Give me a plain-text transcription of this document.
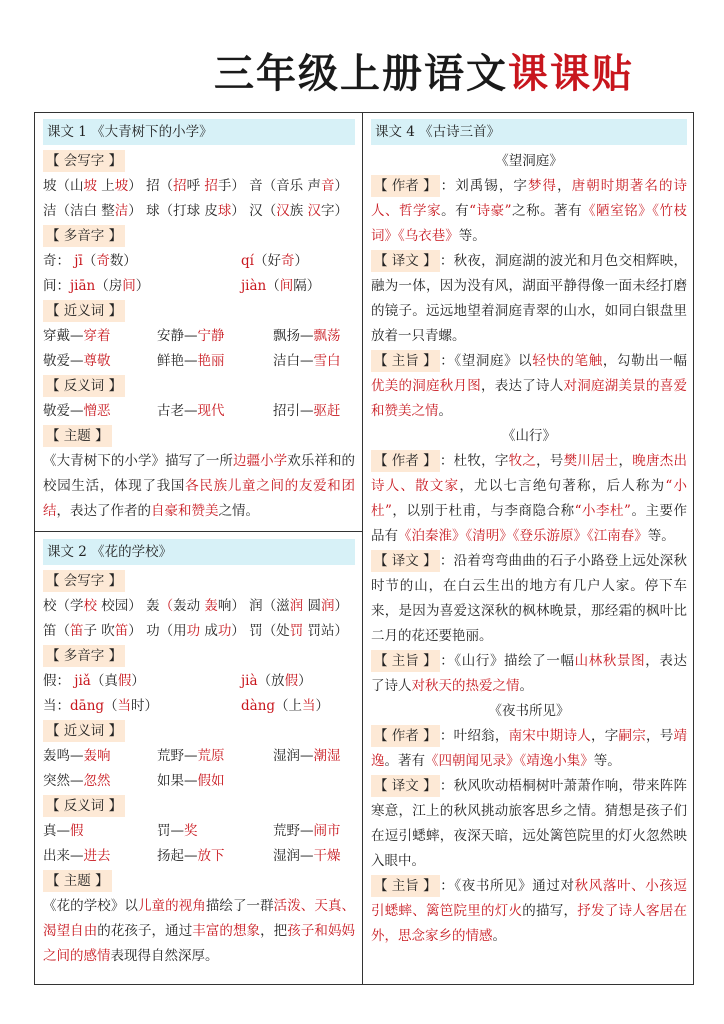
三年级上册语文课课贴
课文 1 《大青树下的小学》
【 会写字 】
坡（山坡 上坡） 招（招呼 招手） 音（音乐 声音）
洁（洁白 整洁） 球（打球 皮球） 汉（汉族 汉字）
【 多音字 】
奇： jī（奇数）	qí（好奇）
间：jiān（房间）	jiàn（间隔）
【 近义词 】
穿戴—穿着	安静—宁静	飘扬—飘荡
敬爱—尊敬	鲜艳—艳丽	洁白—雪白
【 反义词 】
敬爱—憎恶	古老—现代	招引—驱赶
【 主题 】
《大青树下的小学》描写了一所边疆小学欢乐祥和的校园生活，体现了我国各民族儿童之间的友爱和团结，表达了作者的自豪和赞美之情。
课文 2 《花的学校》
【 会写字 】
校（学校 校园） 轰（轰动 轰响） 润（滋润 圆润）
笛（笛子 吹笛） 功（用功 成功） 罚（处罚 罚站）
【 多音字 】
假： jiǎ（真假）	jià（放假）
当：dāng（当时）	dàng（上当）
【 近义词 】
轰鸣—轰响	荒野—荒原	湿润—潮湿
突然—忽然	如果—假如
【 反义词 】
真—假	罚—奖	荒野—闹市
出来—进去	扬起—放下	湿润—干燥
【 主题 】
《花的学校》以儿童的视角描绘了一群活泼、天真、渴望自由的花孩子，通过丰富的想象，把孩子和妈妈之间的感情表现得自然深厚。
课文 4 《古诗三首》
《望洞庭》
【 作者 】 ：刘禹锡，字梦得，唐朝时期著名的诗人、哲学家。有“诗豪”之称。著有《陋室铭》《竹枝词》《乌衣巷》等。
【 译文 】 ：秋夜，洞庭湖的波光和月色交相辉映，融为一体，因为没有风，湖面平静得像一面未经打磨的镜子。远远地望着洞庭青翠的山水，如同白银盘里放着一只青螺。
【 主旨 】 ：《望洞庭》以轻快的笔触，勾勒出一幅优美的洞庭秋月图，表达了诗人对洞庭湖美景的喜爱和赞美之情。
《山行》
【 作者 】 ：杜牧，字牧之，号樊川居士，晚唐杰出诗人、散文家，尤以七言绝句著称，后人称为“小杜”，以别于杜甫，与李商隐合称“小李杜”。主要作品有《泊秦淮》《清明》《登乐游原》《江南春》等。
【 译文 】 ：沿着弯弯曲曲的石子小路登上远处深秋时节的山，在白云生出的地方有几户人家。停下车来，是因为喜爱这深秋的枫林晚景，那经霜的枫叶比二月的花还要艳丽。
【 主旨 】 ：《山行》描绘了一幅山林秋景图，表达了诗人对秋天的热爱之情。
《夜书所见》
【 作者 】 ：叶绍翁，南宋中期诗人，字嗣宗，号靖逸。著有《四朝闻见录》《靖逸小集》等。
【 译文 】 ：秋风吹动梧桐树叶萧萧作响，带来阵阵寒意，江上的秋风挑动旅客思乡之情。猜想是孩子们在逗引蟋蟀，夜深天暗，远处篱笆院里的灯火忽然映入眼中。
【 主旨 】 ：《夜书所见》通过对秋风落叶、小孩逗引蟋蟀、篱笆院里的灯火的描写，抒发了诗人客居在外，思念家乡的情感。
